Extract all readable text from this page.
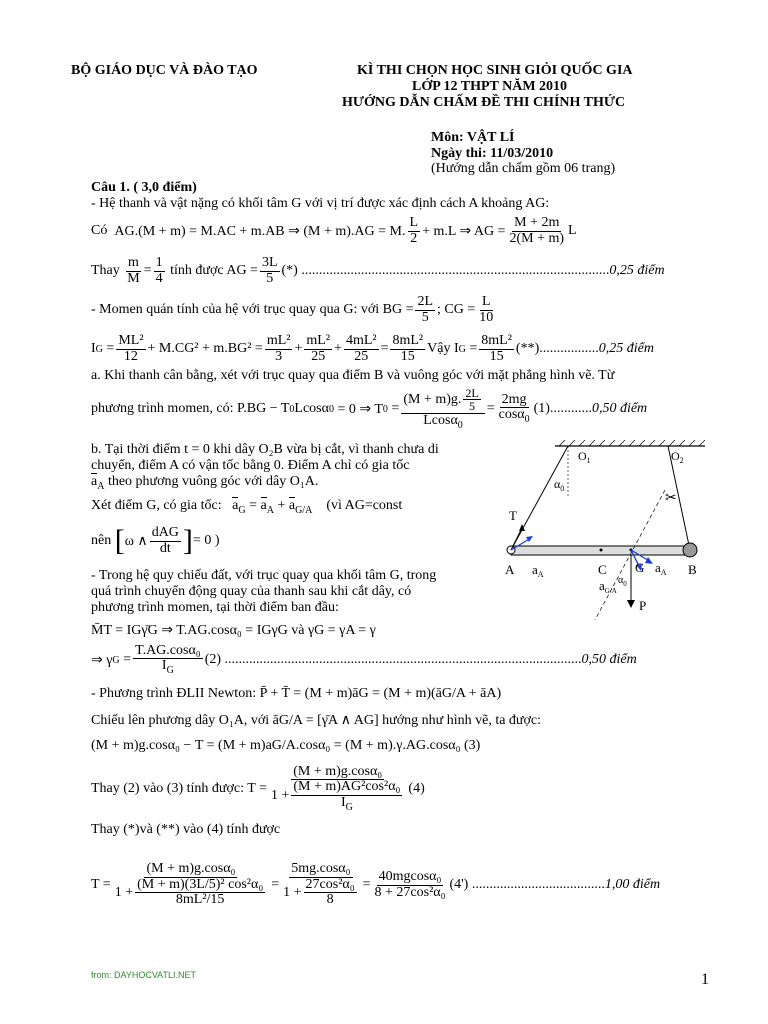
BỘ GIÁO DỤC VÀ ĐÀO TẠO	KÌ THI CHỌN HỌC SINH GIỎI QUỐC GIA
LỚP 12 THPT NĂM 2010
HƯỚNG DẪN CHẤM ĐỀ THI CHÍNH THỨC
Môn: VẬT LÍ
Ngày thi: 11/03/2010
(Hướng dẫn chấm gồm 06 trang)
Câu 1. ( 3,0 điểm)
- Hệ thanh và vật nặng có khối tâm G với vị trí được xác định cách A khoảng AG:
Có
AG.(M + m) = M.AC + m.AB ⇒ (M + m).AG = M. $\frac{L}{2} + m.L$ ⇒ AG = $\frac{M + 2m}{2(M + m)}$ L
Thay
$\frac{m}{M} = \frac{1}{4}$
tính được AG = $\frac{3L}{5}$ (*) ........................................................................................ 0,25 điểm
- Momen quán tính của hệ với trục quay qua G: với BG = $\frac{2L}{5}$ ; CG = $\frac{L}{10}$
I G
= $\frac{\text{ML²}}{12} + M.CG^2 + m.BG^2 = \frac{\text{mL²}}{3} + \frac{\text{mL²}}{25} + \frac{\text{4mL²}}{25} = \frac{\text{8mL²}}{15}$ Vậy I $G = \frac{\text{8mL²}}{15}$ (**)................. 0,25 điểm
a. Khi thanh cân bằng, xét với trục quay qua điểm B và vuông góc với mặt phẳng hình vẽ. Từ
phương trình momen, có: P.BG − T 0 Lcosα 0
= 0 ⇒ T $0 = \frac{(M + m)g. \frac{2L}{5}}{Lcos\alpha_0} = \frac{2mg}{\cos\alpha_0} (1)$............ 0,50 điểm
b. Tại thời điểm t = 0 khi dây O₂B vừa bị cắt, vì thanh chưa di
chuyển, điểm A có vận tốc bằng 0. Điểm A chỉ có gia tốc
$a_A$ theo phương vuông góc với dây O₁A.
Xét điểm G, có gia tốc: $a_G = a_A + a_{G/A}$ (vì AG=const
nên
[ ω ∧ $\frac{\text{dAG}}{dt}$ ] = 0 )
- Trong hệ quy chiếu đất, với trục quay qua khối tâm G, trong
quá trình chuyển động quay của thanh sau khi cắt dây, có
phương trình momen, tại thời điểm ban đầu:
M̄T = IGγ̄G ⇒ T.AG.cosα₀ = IGγG và γG = γA = γ
⇒ γ $G = \frac{\text{T.AG.cosα₀}}{I_G} (2)$ ...................................................................................................... 0,50 điểm
- Phương trình ĐLII Newton: P̄ + T̄ = (M + m)āG = (M + m)(āG/A + āA)
Chiếu lên phương dây O₁A, với āG/A = [γ̄A ∧ AG] hướng như hình vẽ, ta được:
(M + m)g.cosα₀ − T = (M + m)aG/A.cosα₀ = (M + m).γ.AG.cosα₀ (3)
Thay (2) vào (3) tính được: $T = \frac{\text{(M + m)g.cosα₀}}{1 + \frac{\text{(M + m)AG²cos²α₀}}{I_G}} (4)$
Thay (*)và (**) vào (4) tính được
$T = \frac{\text{(M + m)g.cosα₀}}{1 + \frac{\text{(M + m)(3L/5)² cos²α₀}}{\text{8mL²/15}}} = \frac{\text{5mg.cosα₀}}{1 + \frac{\text{27cos²α₀}}{8}} = \frac{\text{40mgcosα₀}}{\text{8 + 27cos²α₀}} (4')$ ...................................... 1,00 điểm
✂
$O_1$	$O_2$
$\alpha_0$
T
A $a_A$	C G $a_A$
$\alpha_0$
$a_{G/A}$
B
P
from: DAYHOCVATLI.NET	1
